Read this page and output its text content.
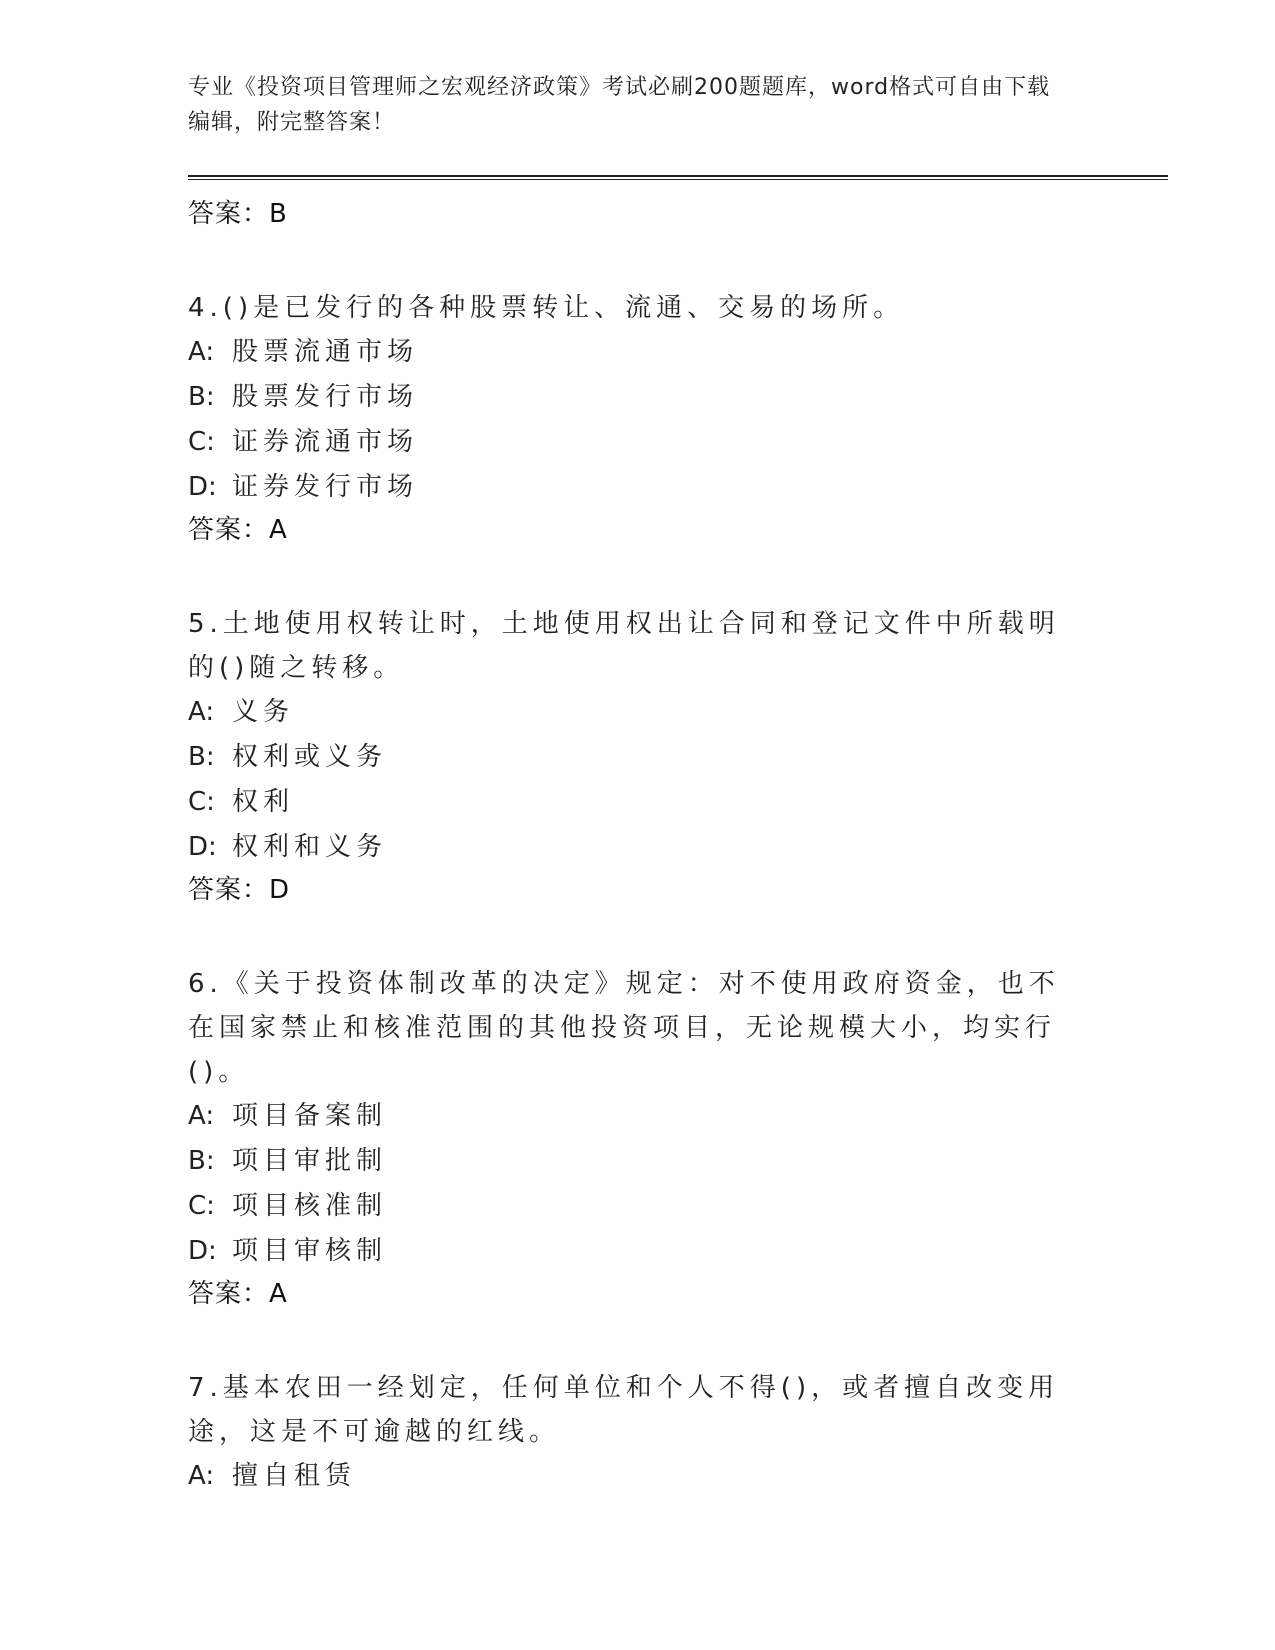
专业《投资项目管理师之宏观经济政策》考试必刷200题题库，word格式可自由下载编辑，附完整答案！
答案：B
4.()是已发行的各种股票转让、流通、交易的场所。
A: 股票流通市场
B: 股票发行市场
C: 证券流通市场
D: 证券发行市场
答案：A
5.土地使用权转让时，土地使用权出让合同和登记文件中所载明的()随之转移。
A: 义务
B: 权利或义务
C: 权利
D: 权利和义务
答案：D
6.《关于投资体制改革的决定》规定：对不使用政府资金，也不在国家禁止和核准范围的其他投资项目，无论规模大小，均实行()。
A: 项目备案制
B: 项目审批制
C: 项目核准制
D: 项目审核制
答案：A
7.基本农田一经划定，任何单位和个人不得()，或者擅自改变用途，这是不可逾越的红线。
A: 擅自租赁
